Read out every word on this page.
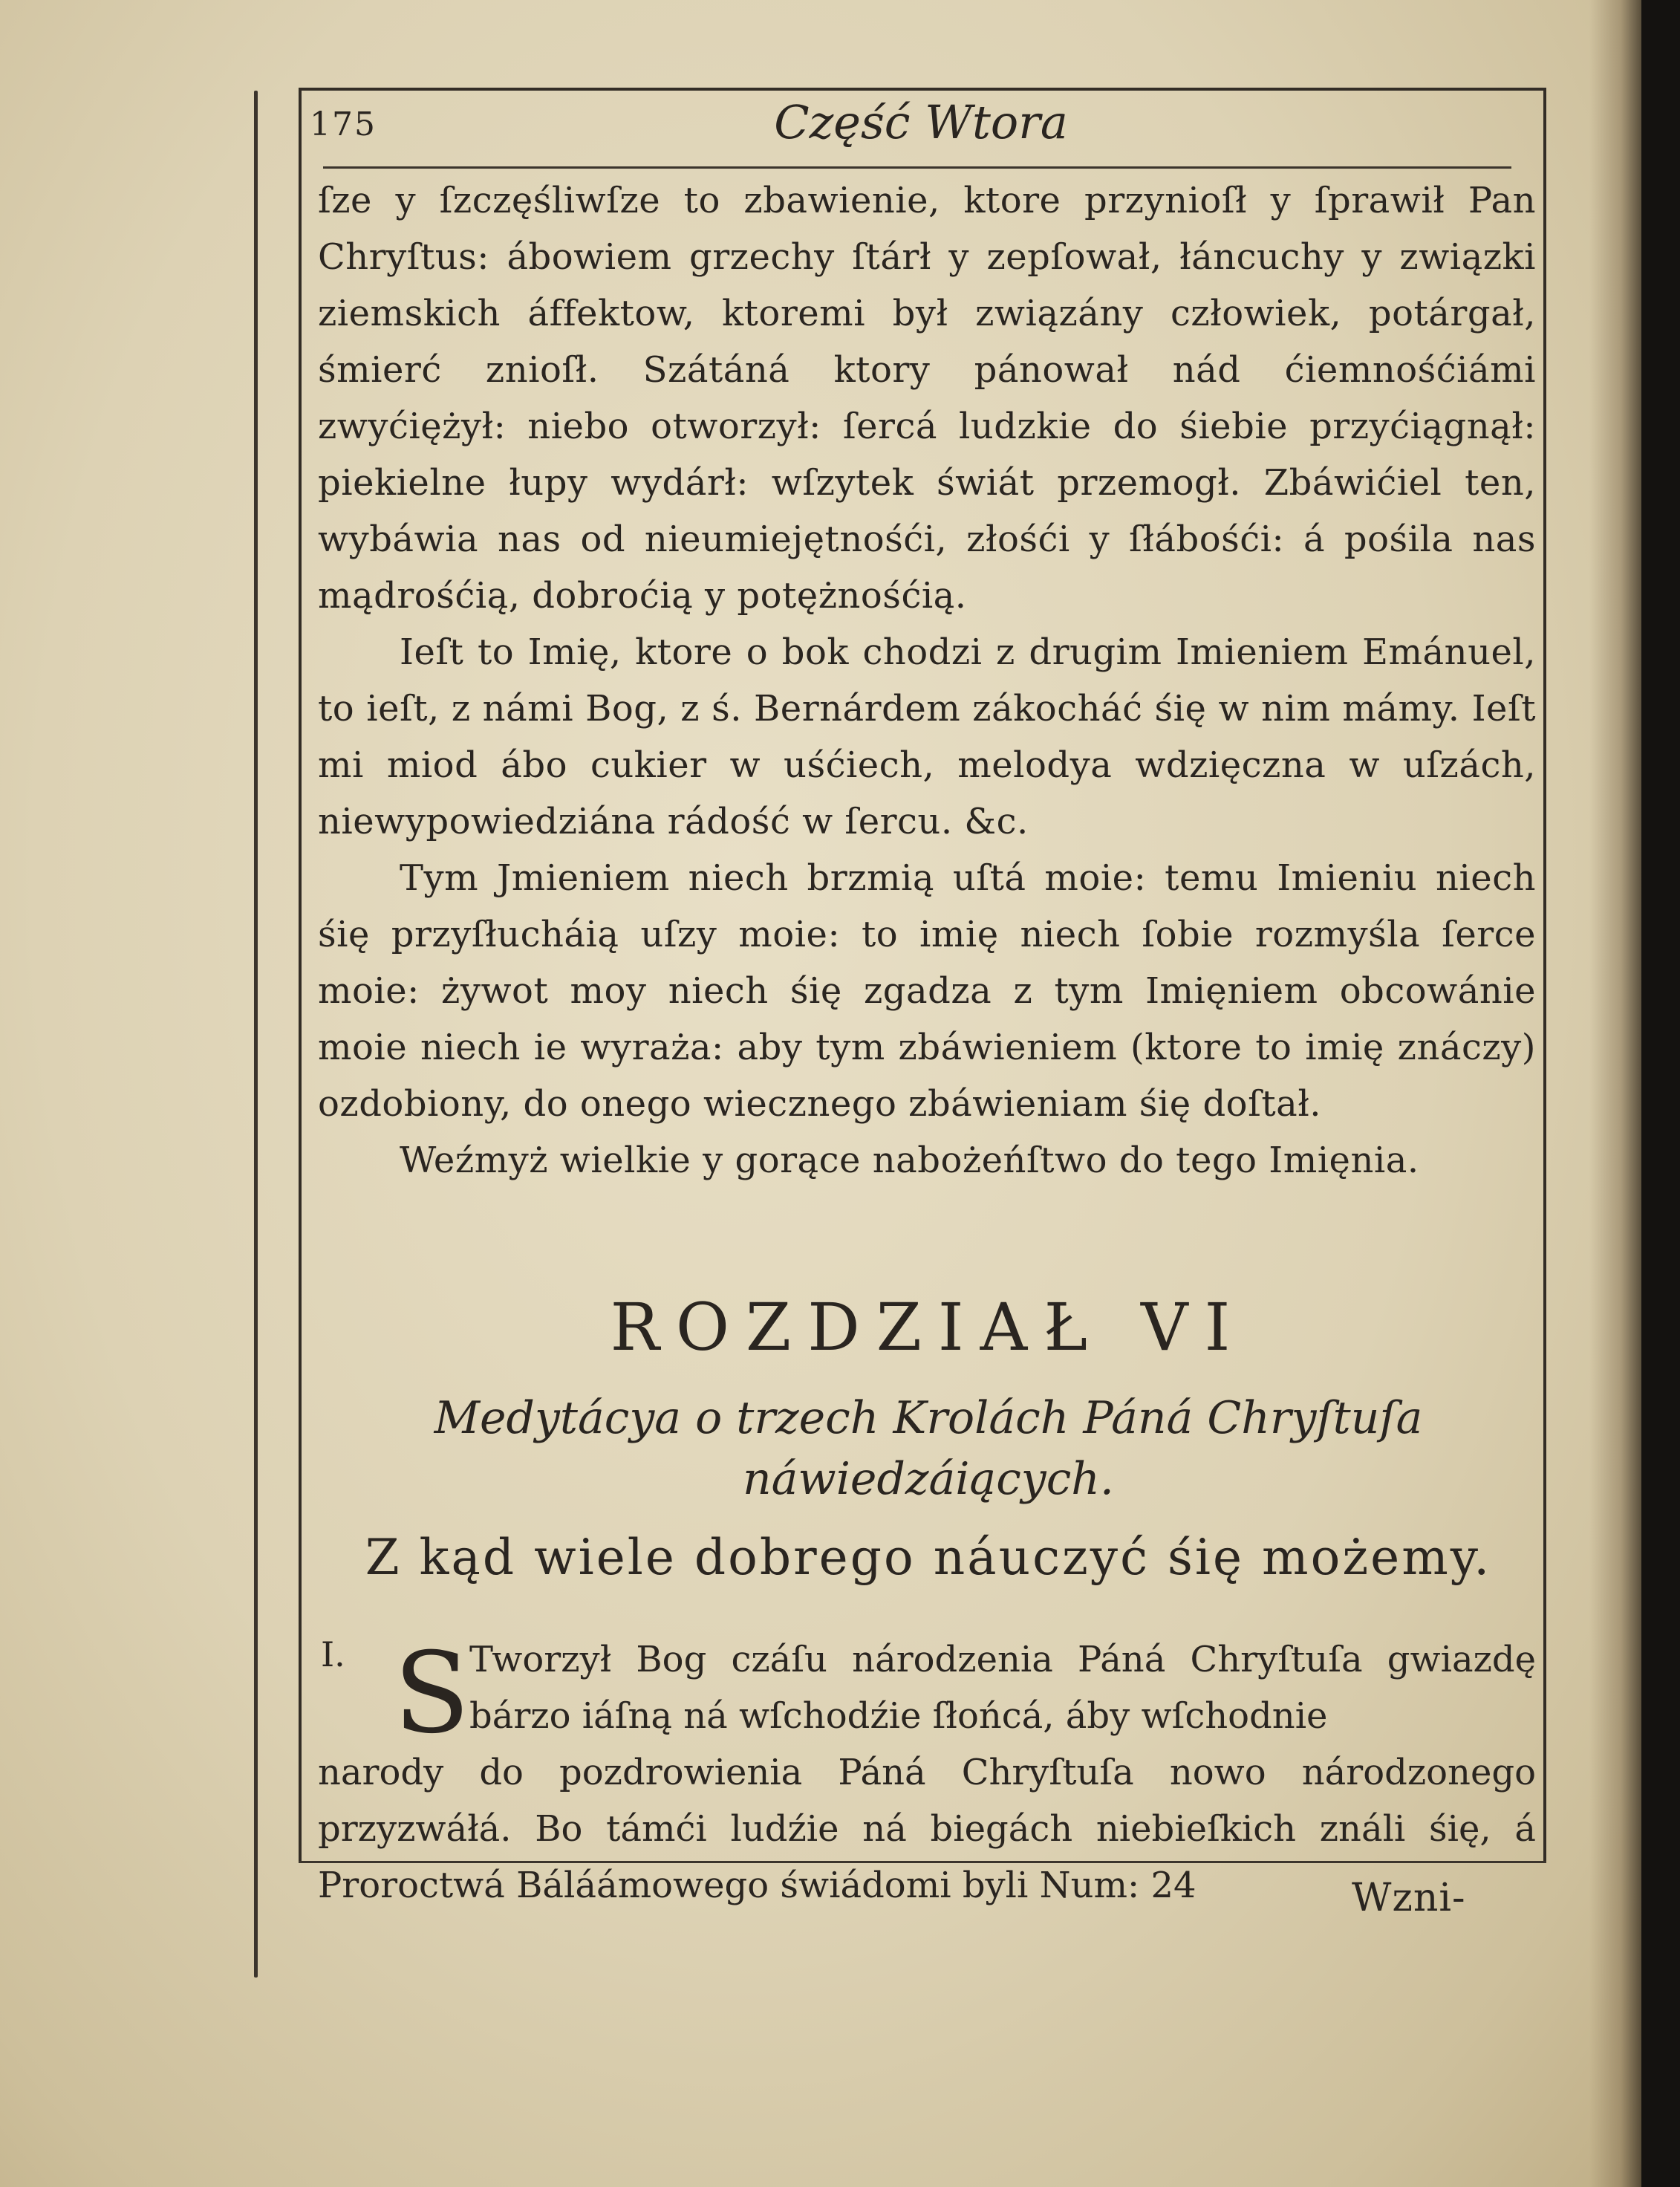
175	Część Wtora

ſze y ſzczęśliwſze to zbawienie, ktore przynioſł y ſprawił Pan Chryſtus: ábowiem grzechy ſtárł y zepſował, łáncuchy y związki ziemskich áffektow, ktoremi był związány człowiek, potárgał, śmierć znioſł. Szátáná ktory pánował nád ćiemnośćiámi zwyćiężył: niebo otworzył: ſercá ludzkie do śiebie przyćiągnął: piekielne łupy wydárł: wſzytek świát przemogł. Zbáwićiel ten, wybáwia nas od nieumiejętnośći, złośći y ſłábośći: á pośila nas mądrośćią, dobroćią y potężnośćią.

Ieſt to Imię, ktore o bok chodzi z drugim Imieniem Emánuel, to ieſt, z námi Bog, z ś. Bernárdem zákocháć śię w nim mámy. Ieſt mi miod ábo cukier w uśćiech, melodya wdzięczna w uſzách, niewypowiedziána rádość w ſercu. &c.

Tym Jmieniem niech brzmią uſtá moie: temu Imieniu niech śię przyſłucháią uſzy moie: to imię niech ſobie rozmyśla ſerce moie: żywot moy niech śię zgadza z tym Imięniem obcowánie moie niech ie wyraża: aby tym zbáwieniem (ktore to imię znáczy) ozdobiony, do onego wiecznego zbáwieniam śię doſtał.

Weźmyż wielkie y gorące nabożeńſtwo do tego Imięnia.

ROZDZIAŁ VI
Medytácya o trzech Krolách Páná Chryſtuſa náwiedzáiących.
Z kąd wiele dobrego náuczyć śię możemy.
I. S Tworzył Bog czáſu národzenia Páná Chryſtuſa gwiazdę bárzo iáſną ná wſchodźie ſłońcá, áby wſchodnie

narody do pozdrowienia Páná Chryſtuſa nowo národzonego przyzwáłá. Bo támći ludźie ná biegách niebieſkich ználi śię, á Proroctwá Báláámowego świádomi byli Num: 24	Wzni-
